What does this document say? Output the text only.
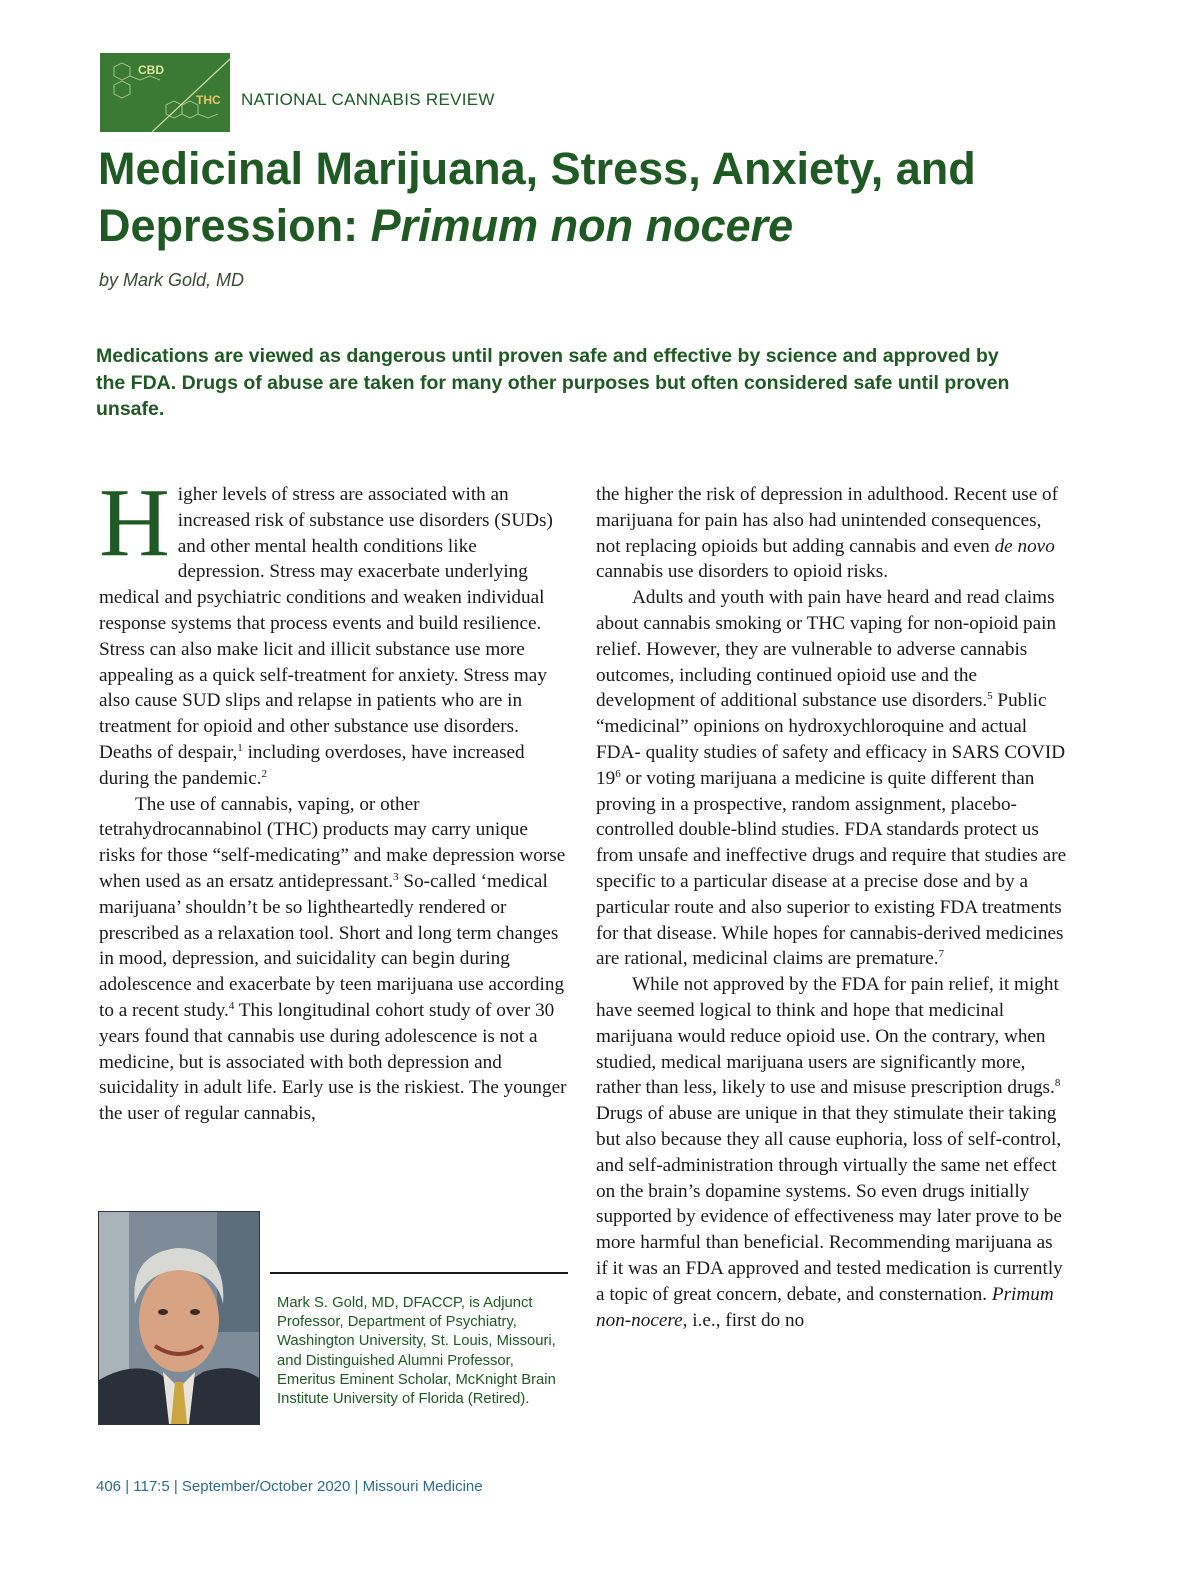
CBD
THC NATIONAL CANNABIS REVIEW
Medicinal Marijuana, Stress, Anxiety, and Depression: Primum non nocere
by Mark Gold, MD

Medications are viewed as dangerous until proven safe and effective by science and approved by the FDA. Drugs of abuse are taken for many other purposes but often considered safe until proven unsafe.

Higher levels of stress are associated with an increased risk of substance use disorders (SUDs) and other mental health conditions like depression. Stress may exacerbate underlying medical and psychiatric conditions and weaken individual response systems that process events and build resilience. Stress can also make licit and illicit substance use more appealing as a quick self-treatment for anxiety. Stress may also cause SUD slips and relapse in patients who are in treatment for opioid and other substance use disorders. Deaths of despair,$^1$ including overdoses, have increased during the pandemic.$^2$

The use of cannabis, vaping, or other tetrahydrocannabinol (THC) products may carry unique risks for those “self-medicating” and make depression worse when used as an ersatz antidepressant.$^3$ So-called ‘medical marijuana’ shouldn’t be so lightheartedly rendered or prescribed as a relaxation tool. Short and long term changes in mood, depression, and suicidality can begin during adolescence and exacerbate by teen marijuana use according to a recent study.$^4$ This longitudinal cohort study of over 30 years found that cannabis use during adolescence is not a medicine, but is associated with both depression and suicidality in adult life. Early use is the riskiest. The younger the user of regular cannabis,

the higher the risk of depression in adulthood. Recent use of marijuana for pain has also had unintended consequences, not replacing opioids but adding cannabis and even de novo cannabis use disorders to opioid risks.

Adults and youth with pain have heard and read claims about cannabis smoking or THC vaping for non-opioid pain relief. However, they are vulnerable to adverse cannabis outcomes, including continued opioid use and the development of additional substance use disorders.$^5$ Public “medicinal” opinions on hydroxychloroquine and actual FDA- quality studies of safety and efficacy in SARS COVID $19^6$ or voting marijuana a medicine is quite different than proving in a prospective, random assignment, placebo-controlled double-blind studies. FDA standards protect us from unsafe and ineffective drugs and require that studies are specific to a particular disease at a precise dose and by a particular route and also superior to existing FDA treatments for that disease. While hopes for cannabis-derived medicines are rational, medicinal claims are premature.$^7$

While not approved by the FDA for pain relief, it might have seemed logical to think and hope that medicinal marijuana would reduce opioid use. On the contrary, when studied, medical marijuana users are significantly more, rather than less, likely to use and misuse prescription drugs.$^8$ Drugs of abuse are unique in that they stimulate their taking but also because they all cause euphoria, loss of self-control, and self-administration through virtually the same net effect on the brain’s dopamine systems. So even drugs initially supported by evidence of effectiveness may later prove to be more harmful than beneficial. Recommending marijuana as if it was an FDA approved and tested medication is currently a topic of great concern, debate, and consternation. Primum non-nocere, i.e., first do no

Mark S. Gold, MD, DFACCP, is Adjunct Professor, Department of Psychiatry, Washington University, St. Louis, Missouri, and Distinguished Alumni Professor, Emeritus Eminent Scholar, McKnight Brain Institute University of Florida (Retired).
406 | 117:5 | September/October 2020 | Missouri Medicine
